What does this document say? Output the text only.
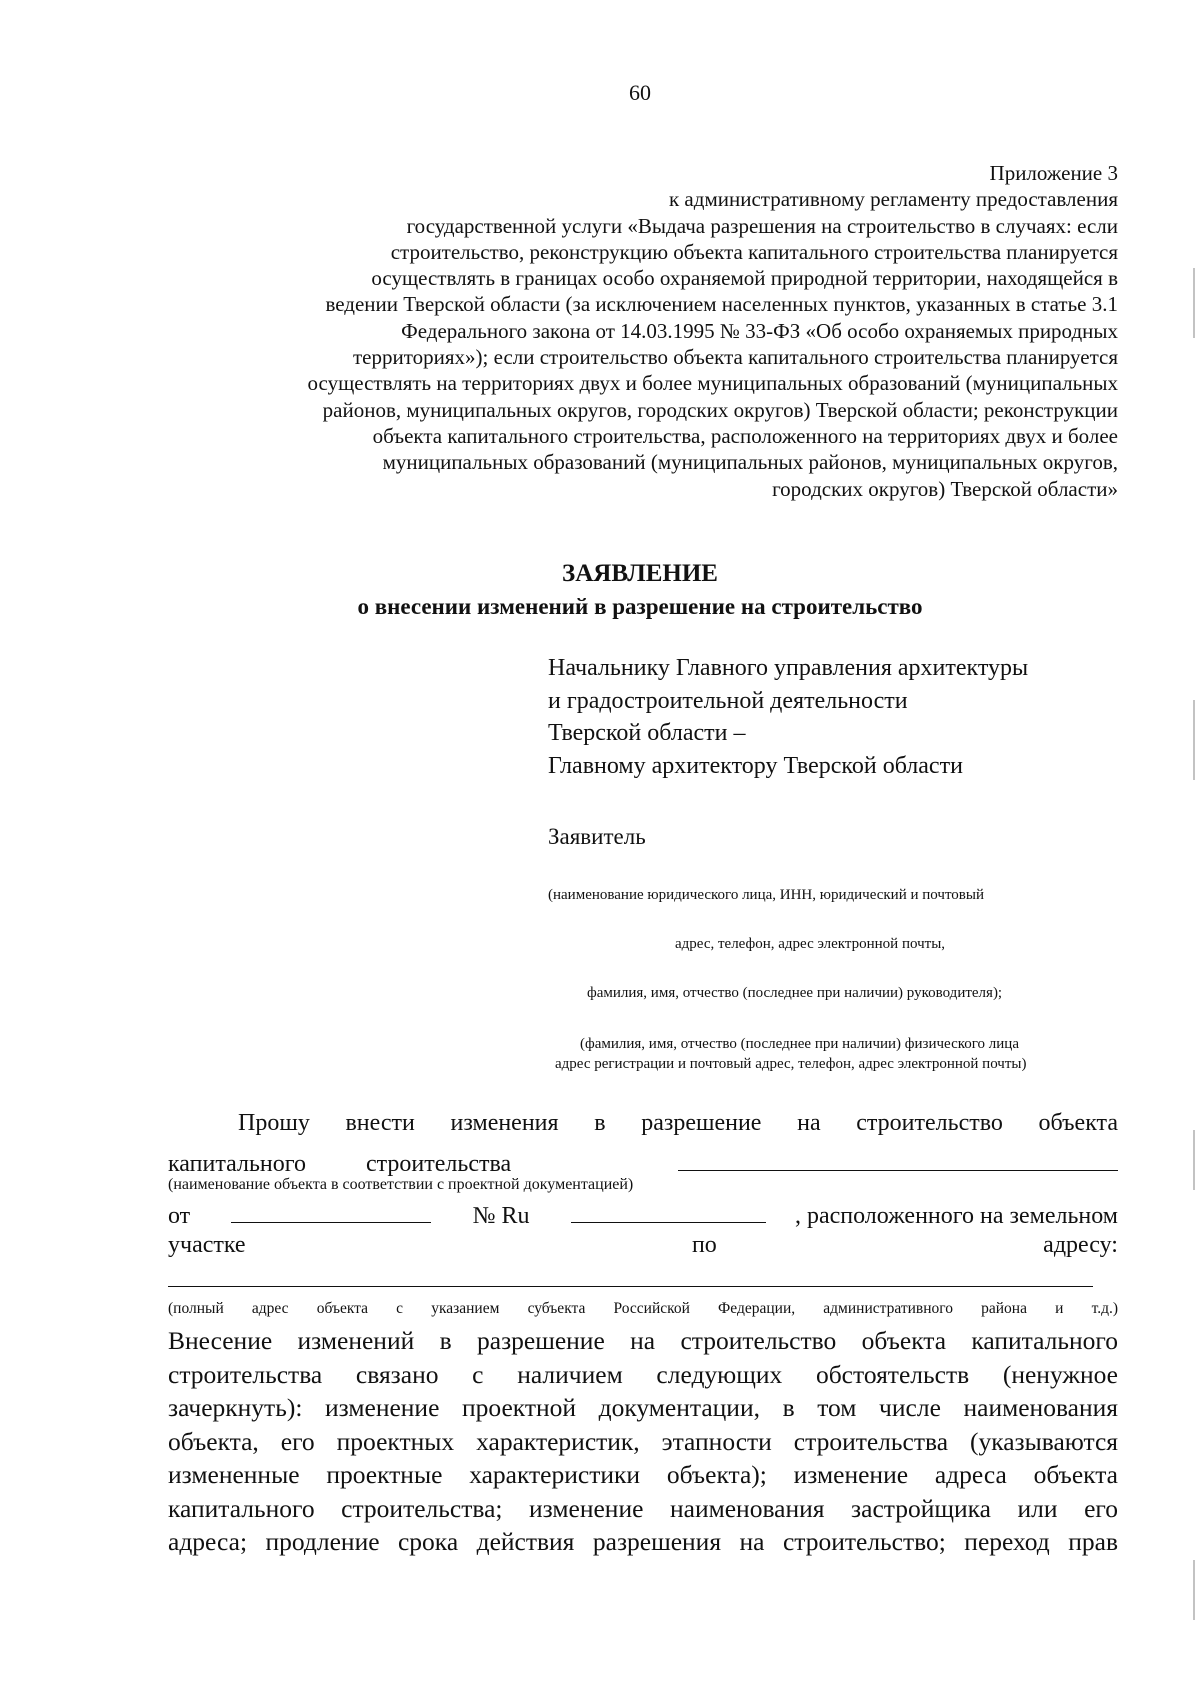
60
Приложение 3
к административному регламенту предоставления
государственной услуги «Выдача разрешения на строительство в случаях: если
строительство, реконструкцию объекта капитального строительства планируется
осуществлять в границах особо охраняемой природной территории, находящейся в
ведении Тверской области (за исключением населенных пунктов, указанных в статье 3.1
Федерального закона от 14.03.1995 № 33-ФЗ «Об особо охраняемых природных
территориях»); если строительство объекта капитального строительства планируется
осуществлять на территориях двух и более муниципальных образований (муниципальных
районов, муниципальных округов, городских округов) Тверской области; реконструкции
объекта капитального строительства, расположенного на территориях двух и более
муниципальных образований (муниципальных районов, муниципальных округов,
городских округов) Тверской области»
ЗАЯВЛЕНИЕ
о внесении изменений в разрешение на строительство
Начальнику Главного управления архитектуры
и градостроительной деятельности
Тверской области –
Главному архитектору Тверской области
Заявитель
(наименование юридического лица, ИНН, юридический и почтовый
адрес, телефон, адрес электронной почты,
фамилия, имя, отчество (последнее при наличии) руководителя);
(фамилия, имя, отчество (последнее при наличии) физического лица
адрес регистрации и почтовый адрес, телефон, адрес электронной почты)
Прошу внести изменения в разрешение на строительство объекта
капитального	строительства
(наименование объекта в соответствии с проектной документацией)
от	№ Ru	, расположенного на земельном
участке	по	адресу:
(полный адрес объекта с указанием субъекта Российской Федерации, административного района и т.д.)
Внесение изменений в разрешение на строительство объекта капитального
строительства связано с наличием следующих обстоятельств (ненужное
зачеркнуть): изменение проектной документации, в том числе наименования
объекта, его проектных характеристик, этапности строительства (указываются
измененные проектные характеристики объекта); изменение адреса объекта
капитального строительства; изменение наименования застройщика или его
адреса; продление срока действия разрешения на строительство; переход прав
